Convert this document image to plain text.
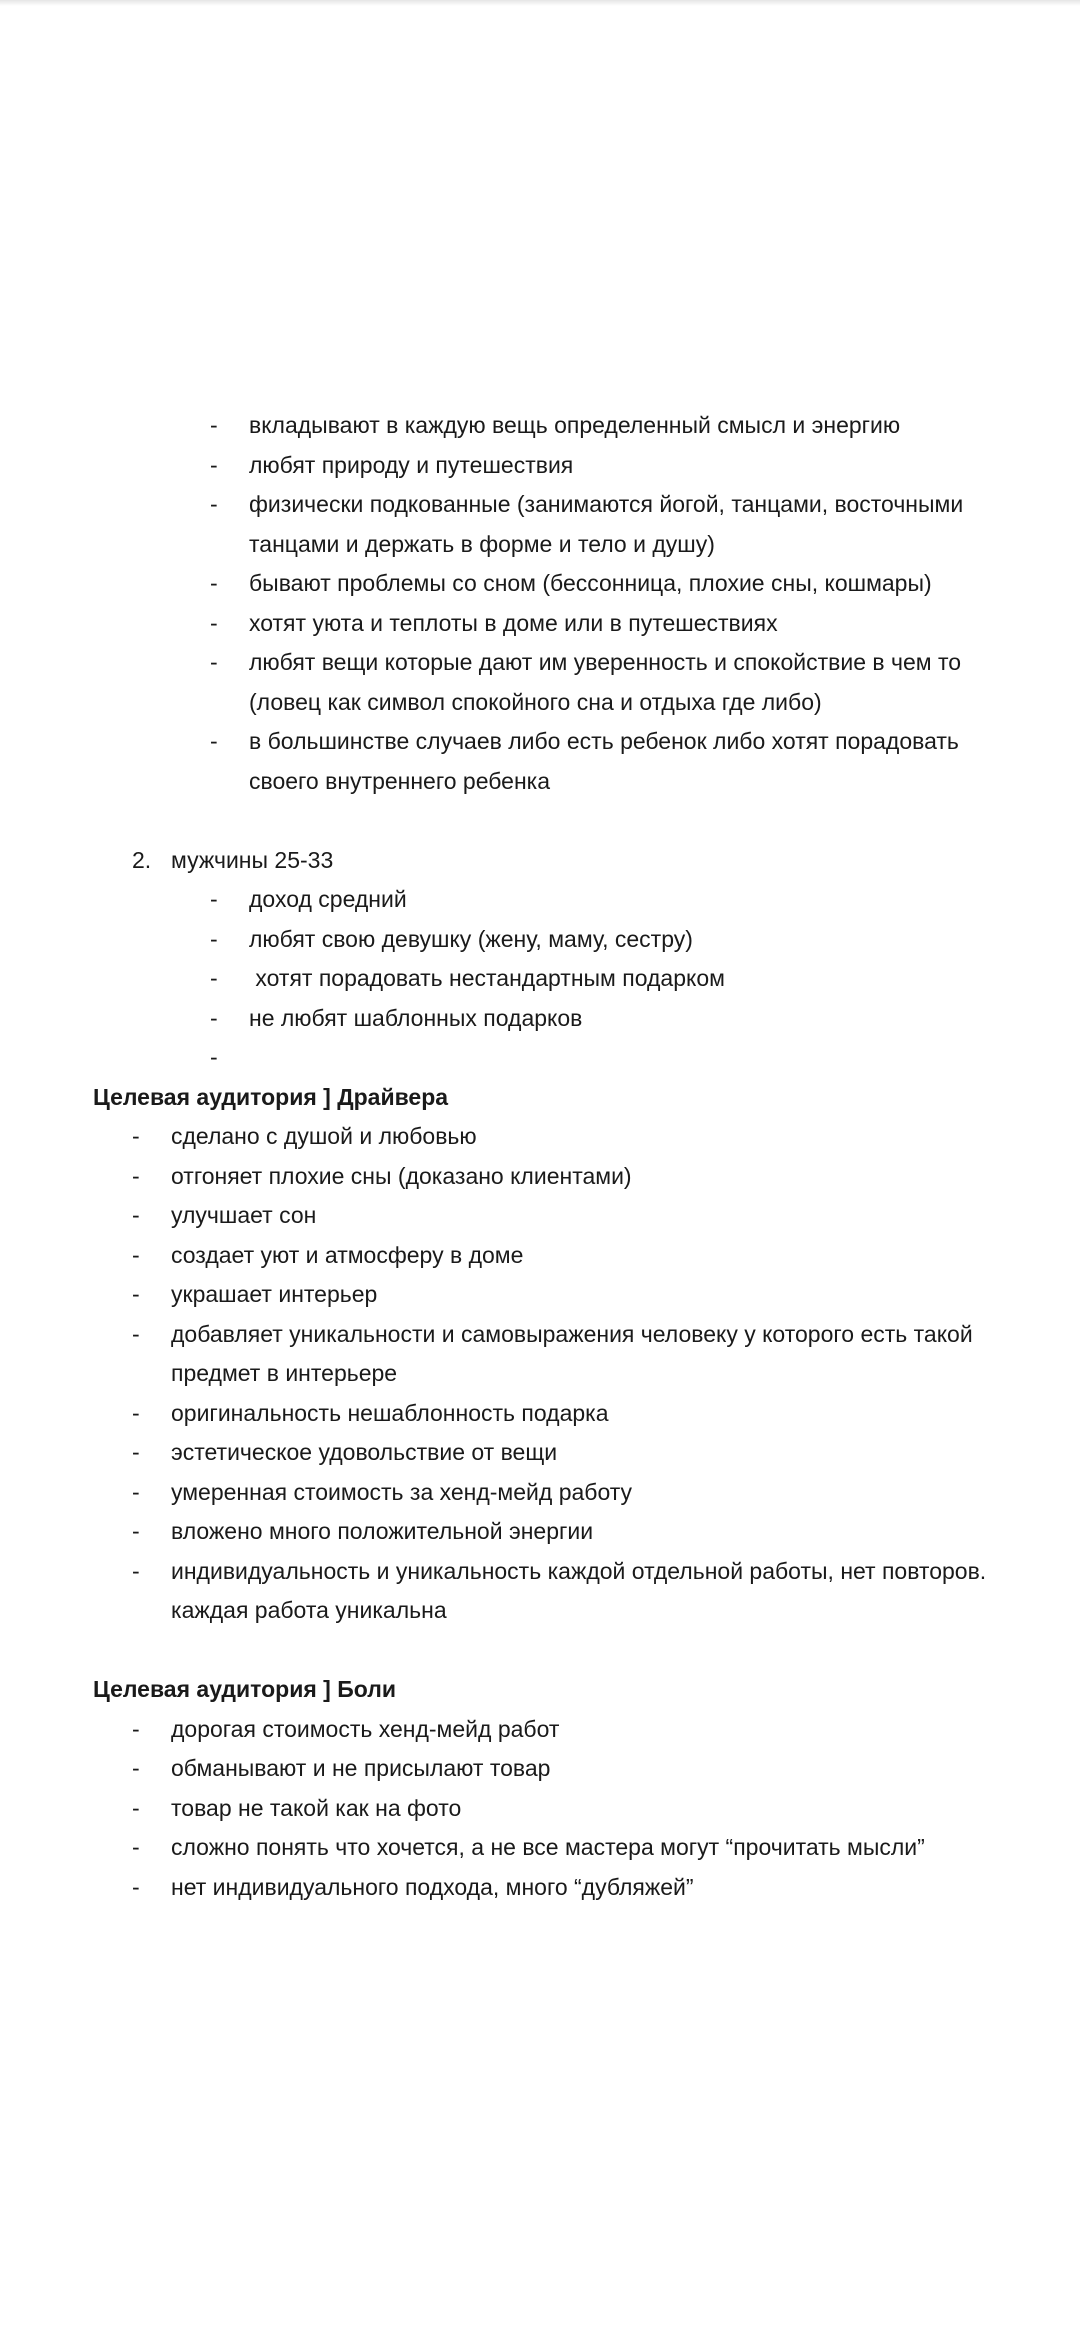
- вкладывают в каждую вещь определенный смысл и энергию
- любят природу и путешествия
- физически подкованные (занимаются йогой, танцами, восточными
танцами и держать в форме и тело и душу)
- бывают проблемы со сном (бессонница, плохие сны, кошмары)
- хотят уюта и теплоты в доме или в путешествиях
- любят вещи которые дают им уверенность и спокойствие в чем то
(ловец как символ спокойного сна и отдыха где либо)
- в большинстве случаев либо есть ребенок либо хотят порадовать
своего внутреннего ребенка
2. мужчины 25-33
- доход средний
- любят свою девушку (жену, маму, сестру)
- хотят порадовать нестандартным подарком
- не любят шаблонных подарков
-
Целевая аудитория ] Драйвера
- сделано с душой и любовью
- отгоняет плохие сны (доказано клиентами)
- улучшает сон
- создает уют и атмосферу в доме
- украшает интерьер
- добавляет уникальности и самовыражения человеку у которого есть такой
предмет в интерьере
- оригинальность нешаблонность подарка
- эстетическое удовольствие от вещи
- умеренная стоимость за хенд-мейд работу
- вложено много положительной энергии
- индивидуальность и уникальность каждой отдельной работы, нет повторов.
каждая работа уникальна
Целевая аудитория ] Боли
- дорогая стоимость хенд-мейд работ
- обманывают и не присылают товар
- товар не такой как на фото
- сложно понять что хочется, а не все мастера могут “прочитать мысли”
- нет индивидуального подхода, много “дубляжей”
